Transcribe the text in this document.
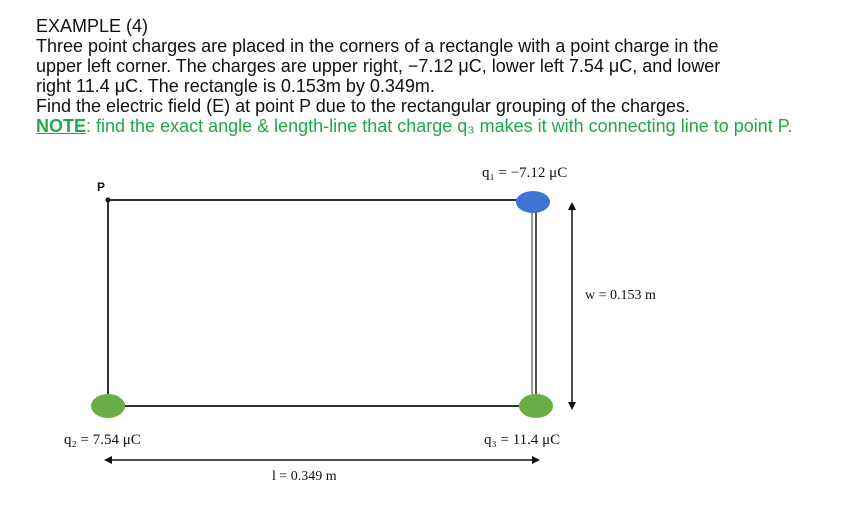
EXAMPLE (4)
Three point charges are placed in the corners of a rectangle with a point charge in the
upper left corner. The charges are upper right, −7.12 μC, lower left 7.54 μC, and lower
right 11.4 μC. The rectangle is 0.153m by 0.349m.
Find the electric field (E) at point P due to the rectangular grouping of the charges.
NOTE: find the exact angle & length-line that charge q₃ makes it with connecting line to point P.
P
q₁ = −7.12 μC
q₂ = 7.54 μC	q₃ = 11.4 μC
w = 0.153 m
l = 0.349 m
